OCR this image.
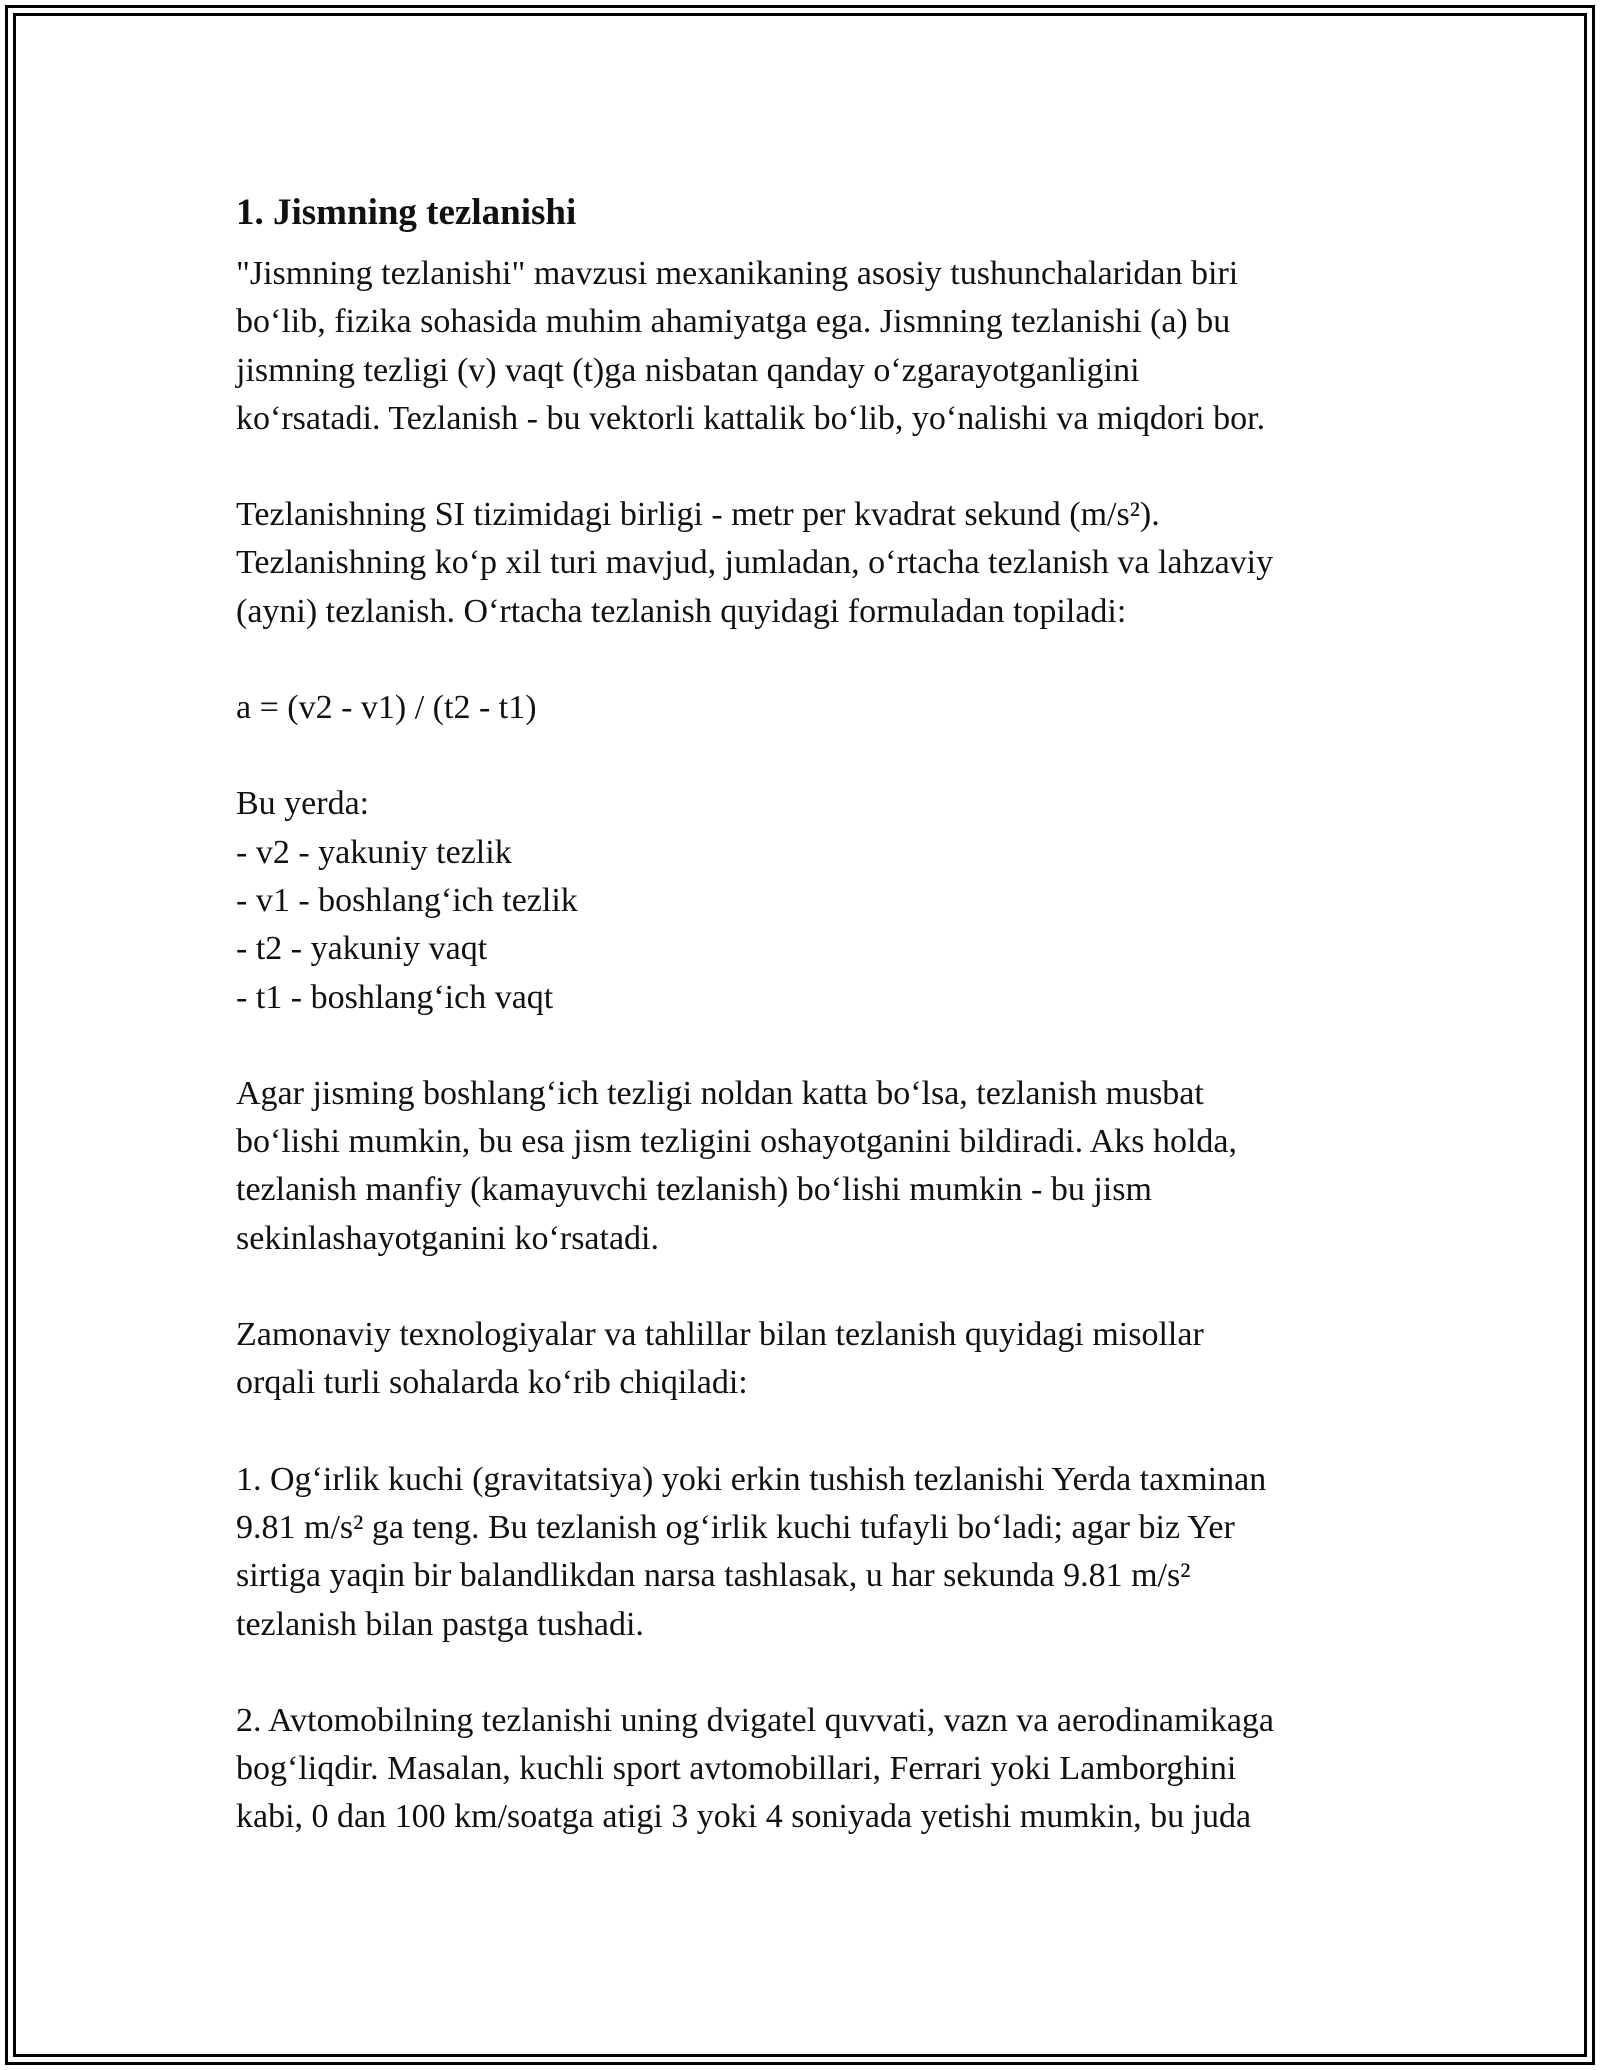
1. Jismning tezlanishi

"Jismning tezlanishi" mavzusi mexanikaning asosiy tushunchalaridan biri
bo‘lib, fizika sohasida muhim ahamiyatga ega. Jismning tezlanishi (a) bu
jismning tezligi (v) vaqt (t)ga nisbatan qanday o‘zgarayotganligini
ko‘rsatadi. Tezlanish - bu vektorli kattalik bo‘lib, yo‘nalishi va miqdori bor.

Tezlanishning SI tizimidagi birligi - metr per kvadrat sekund (m/s²).
Tezlanishning ko‘p xil turi mavjud, jumladan, o‘rtacha tezlanish va lahzaviy
(ayni) tezlanish. O‘rtacha tezlanish quyidagi formuladan topiladi:

a = (v2 - v1) / (t2 - t1)

Bu yerda:

- v2 - yakuniy tezlik
- v1 - boshlang‘ich tezlik
- t2 - yakuniy vaqt
- t1 - boshlang‘ich vaqt

Agar jisming boshlang‘ich tezligi noldan katta bo‘lsa, tezlanish musbat
bo‘lishi mumkin, bu esa jism tezligini oshayotganini bildiradi. Aks holda,
tezlanish manfiy (kamayuvchi tezlanish) bo‘lishi mumkin - bu jism
sekinlashayotganini ko‘rsatadi.

Zamonaviy texnologiyalar va tahlillar bilan tezlanish quyidagi misollar
orqali turli sohalarda ko‘rib chiqiladi:

1. Og‘irlik kuchi (gravitatsiya) yoki erkin tushish tezlanishi Yerda taxminan
9.81 m/s² ga teng. Bu tezlanish og‘irlik kuchi tufayli bo‘ladi; agar biz Yer
sirtiga yaqin bir balandlikdan narsa tashlasak, u har sekunda 9.81 m/s²
tezlanish bilan pastga tushadi.

2. Avtomobilning tezlanishi uning dvigatel quvvati, vazn va aerodinamikaga
bog‘liqdir. Masalan, kuchli sport avtomobillari, Ferrari yoki Lamborghini
kabi, 0 dan 100 km/soatga atigi 3 yoki 4 soniyada yetishi mumkin, bu juda
